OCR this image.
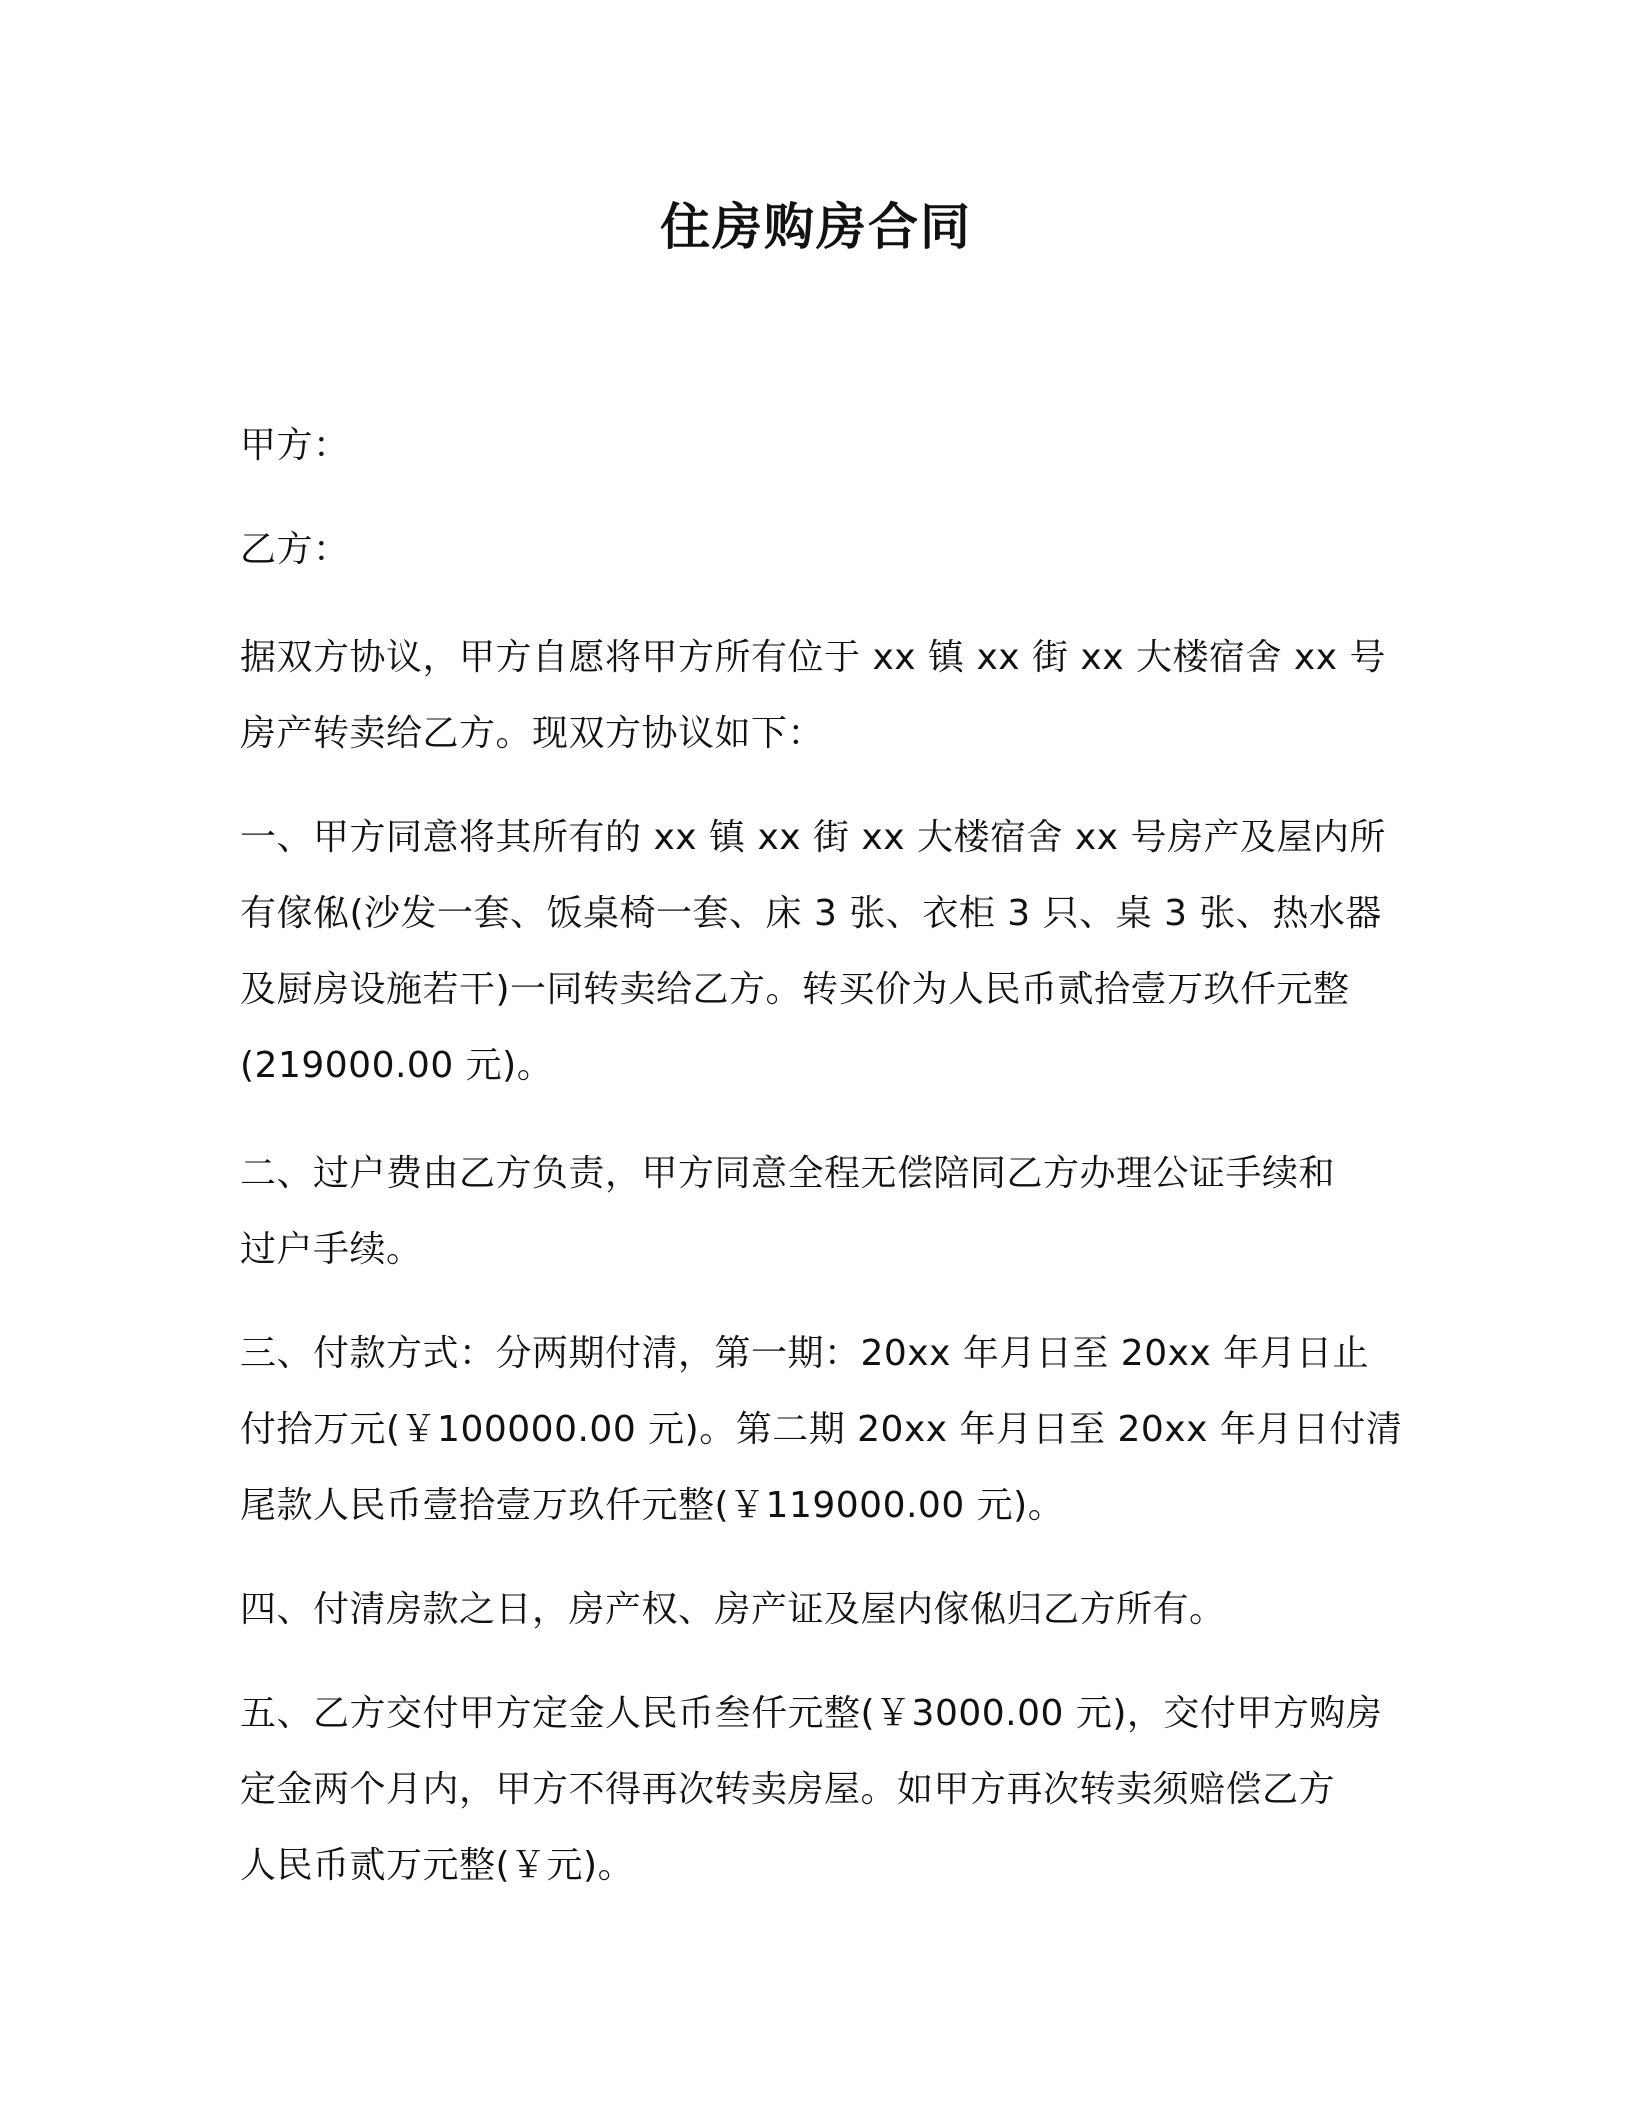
住房购房合同
甲方：
乙方：
据双方协议，甲方自愿将甲方所有位于 xx 镇 xx 街 xx 大楼宿舍 xx 号
房产转卖给乙方。现双方协议如下：
一、甲方同意将其所有的 xx 镇 xx 街 xx 大楼宿舍 xx 号房产及屋内所
有傢俬(沙发一套、饭桌椅一套、床 3 张、衣柜 3 只、桌 3 张、热水器
及厨房设施若干)一同转卖给乙方。转买价为人民币贰拾壹万玖仟元整
(219000.00 元)。
二、过户费由乙方负责，甲方同意全程无偿陪同乙方办理公证手续和
过户手续。
三、付款方式：分两期付清，第一期：20xx 年月日至 20xx 年月日止
付拾万元(￥100000.00 元)。第二期 20xx 年月日至 20xx 年月日付清
尾款人民币壹拾壹万玖仟元整(￥119000.00 元)。
四、付清房款之日，房产权、房产证及屋内傢俬归乙方所有。
五、乙方交付甲方定金人民币叁仟元整(￥3000.00 元)，交付甲方购房
定金两个月内，甲方不得再次转卖房屋。如甲方再次转卖须赔偿乙方
人民币贰万元整(￥元)。
